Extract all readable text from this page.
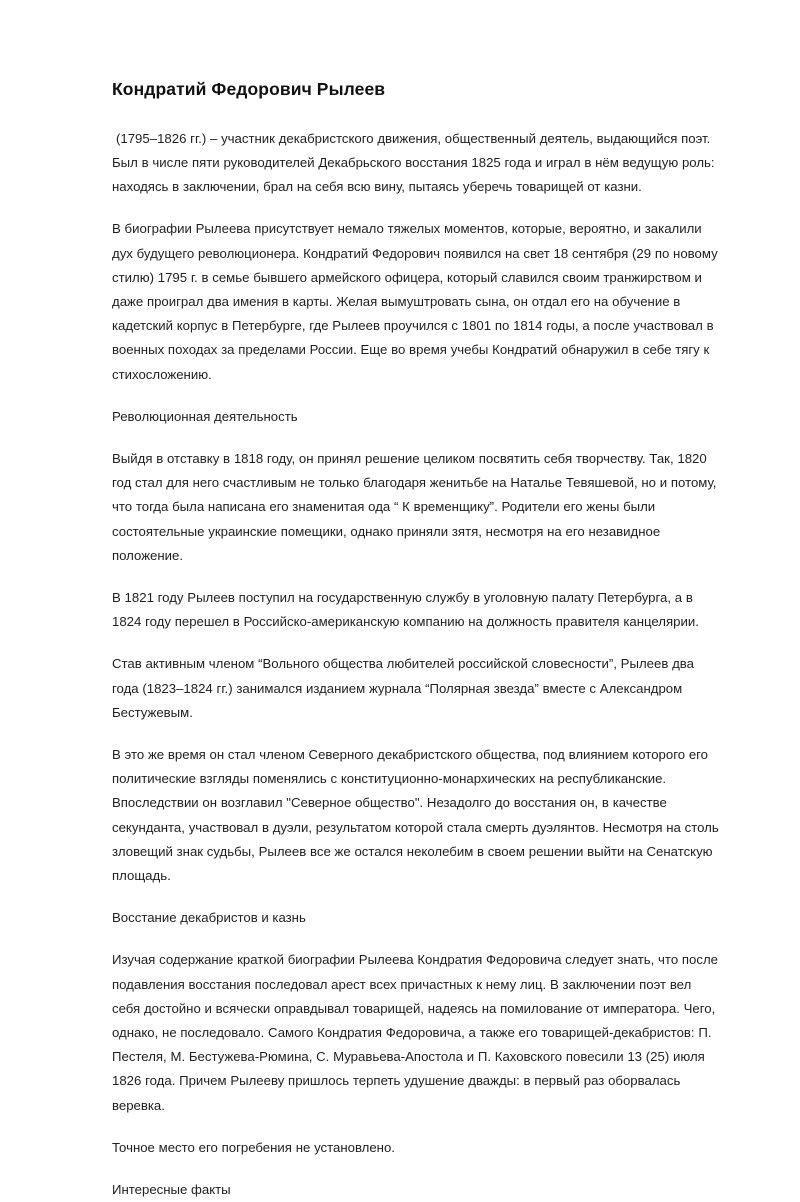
Кондратий Федорович Рылеев

(1795–1826 гг.) – участник декабристского движения, общественный деятель, выдающийся поэт. Был в числе пяти руководителей Декабрьского восстания 1825 года и играл в нём ведущую роль: находясь в заключении, брал на себя всю вину, пытаясь уберечь товарищей от казни.

В биографии Рылеева присутствует немало тяжелых моментов, которые, вероятно, и закалили дух будущего революционера. Кондратий Федорович появился на свет 18 сентября (29 по новому стилю) 1795 г. в семье бывшего армейского офицера, который славился своим транжирством и даже проиграл два имения в карты. Желая вымуштровать сына, он отдал его на обучение в кадетский корпус в Петербурге, где Рылеев проучился с 1801 по 1814 годы, а после участвовал в военных походах за пределами России. Еще во время учебы Кондратий обнаружил в себе тягу к стихосложению.

Революционная деятельность

Выйдя в отставку в 1818 году, он принял решение целиком посвятить себя творчеству. Так, 1820 год стал для него счастливым не только благодаря женитьбе на Наталье Тевяшевой, но и потому, что тогда была написана его знаменитая ода “ К временщику”. Родители его жены были состоятельные украинские помещики, однако приняли зятя, несмотря на его незавидное положение.

В 1821 году Рылеев поступил на государственную службу в уголовную палату Петербурга, а в 1824 году перешел в Российско-американскую компанию на должность правителя канцелярии.

Став активным членом “Вольного общества любителей российской словесности”, Рылеев два года (1823–1824 гг.) занимался изданием журнала “Полярная звезда” вместе с Александром Бестужевым.

В это же время он стал членом Северного декабристского общества, под влиянием которого его политические взгляды поменялись с конституционно-монархических на республиканские. Впоследствии он возглавил "Северное общество". Незадолго до восстания он, в качестве секунданта, участвовал в дуэли, результатом которой стала смерть дуэлянтов. Несмотря на столь зловещий знак судьбы, Рылеев все же остался неколебим в своем решении выйти на Сенатскую площадь.

Восстание декабристов и казнь

Изучая содержание краткой биографии Рылеева Кондратия Федоровича следует знать, что после подавления восстания последовал арест всех причастных к нему лиц. В заключении поэт вел себя достойно и всячески оправдывал товарищей, надеясь на помилование от императора. Чего, однако, не последовало. Самого Кондратия Федоровича, а также его товарищей-декабристов: П. Пестеля, М. Бестужева-Рюмина, С. Муравьева-Апостола и П. Каховского повесили 13 (25) июля 1826 года. Причем Рылееву пришлось терпеть удушение дважды: в первый раз оборвалась веревка.

Точное место его погребения не установлено.

Интересные факты
